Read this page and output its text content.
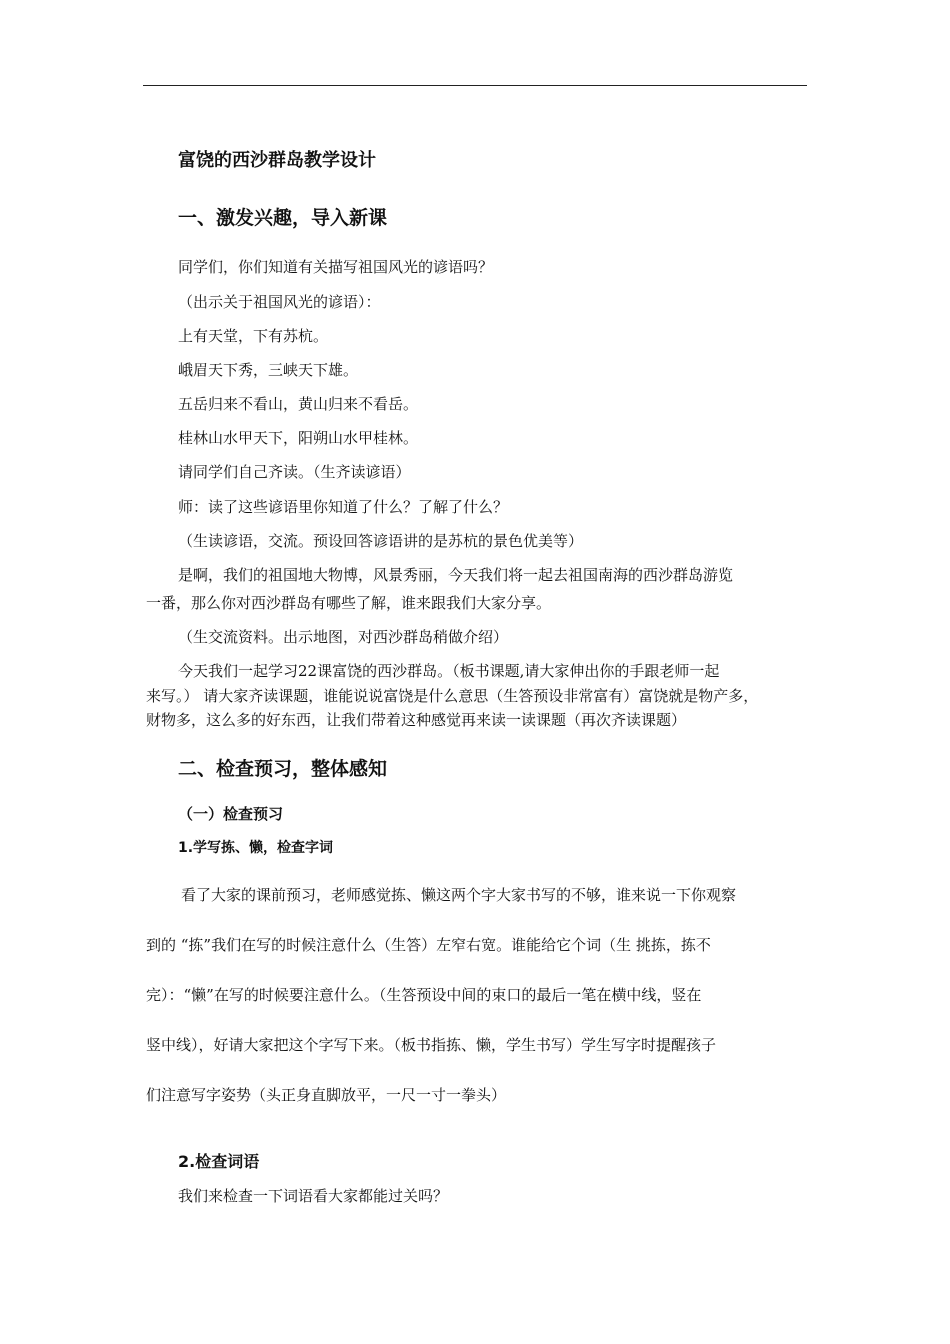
富饶的西沙群岛教学设计
一、激发兴趣，导入新课
同学们，你们知道有关描写祖国风光的谚语吗？
（出示关于祖国风光的谚语）：
上有天堂，下有苏杭。
峨眉天下秀，三峡天下雄。
五岳归来不看山，黄山归来不看岳。
桂林山水甲天下，阳朔山水甲桂林。
请同学们自己齐读。（生齐读谚语）
师：读了这些谚语里你知道了什么？了解了什么？
（生读谚语，交流。预设回答谚语讲的是苏杭的景色优美等）
是啊，我们的祖国地大物博，风景秀丽，今天我们将一起去祖国南海的西沙群岛游览
一番，那么你对西沙群岛有哪些了解，谁来跟我们大家分享。
（生交流资料。出示地图，对西沙群岛稍做介绍）
今天我们一起学习22课富饶的西沙群岛。（板书课题,请大家伸出你的手跟老师一起
来写。） 请大家齐读课题，谁能说说富饶是什么意思（生答预设非常富有）富饶就是物产多，
财物多，这么多的好东西，让我们带着这种感觉再来读一读课题（再次齐读课题）
二、检查预习，整体感知
（一）检查预习
1.学写拣、懒，检查字词
看了大家的课前预习，老师感觉拣、懒这两个字大家书写的不够，谁来说一下你观察
到的 “拣”我们在写的时候注意什么（生答）左窄右宽。谁能给它个词（生 挑拣，拣不
完）：“懒”在写的时候要注意什么。（生答预设中间的束口的最后一笔在横中线，竖在
竖中线），好请大家把这个字写下来。（板书指拣、懒，学生书写）学生写字时提醒孩子
们注意写字姿势（头正身直脚放平，一尺一寸一拳头）
2.检查词语
我们来检查一下词语看大家都能过关吗？
